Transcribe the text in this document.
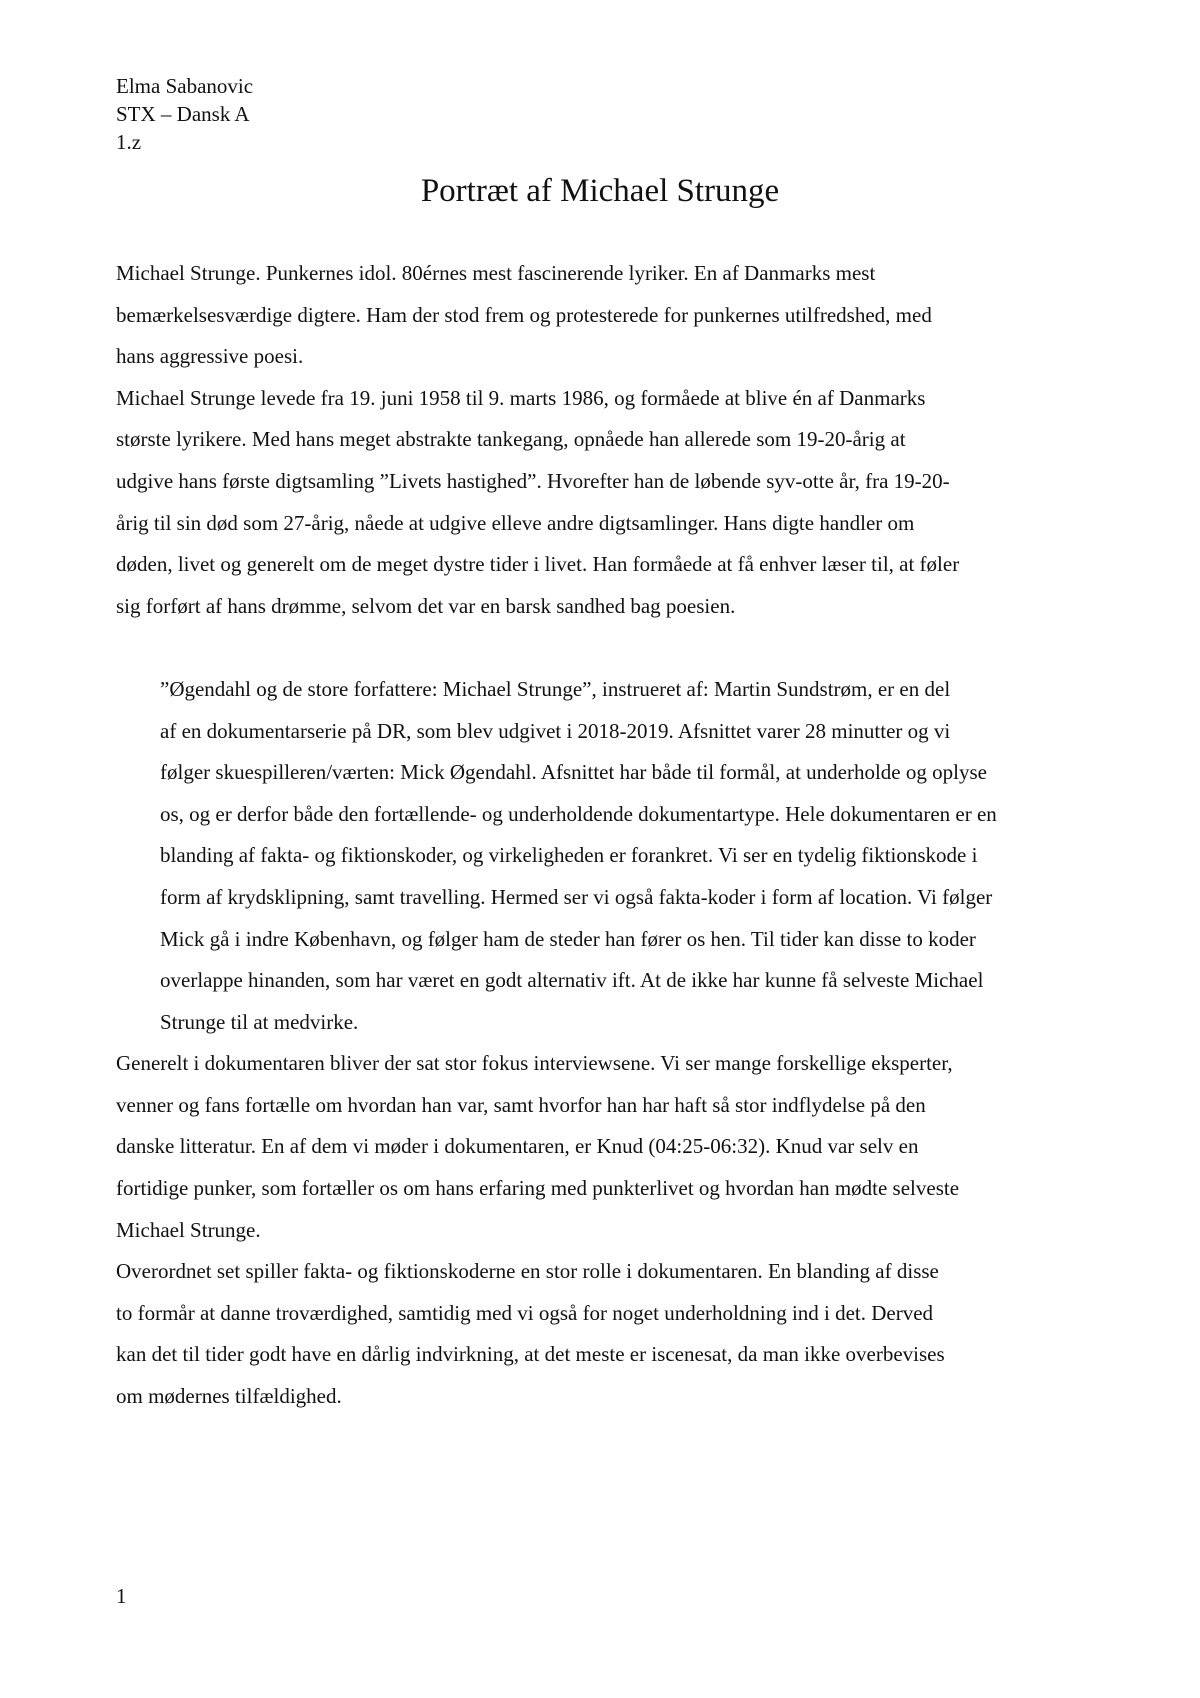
Elma Sabanovic
STX – Dansk A
1.z
Portræt af Michael Strunge

Michael Strunge. Punkernes idol. 80érnes mest fascinerende lyriker. En af Danmarks mest
bemærkelsesværdige digtere. Ham der stod frem og protesterede for punkernes utilfredshed, med
hans aggressive poesi.

Michael Strunge levede fra 19. juni 1958 til 9. marts 1986, og formåede at blive én af Danmarks
største lyrikere. Med hans meget abstrakte tankegang, opnåede han allerede som 19-20-årig at
udgive hans første digtsamling ”Livets hastighed”. Hvorefter han de løbende syv-otte år, fra 19-20-
årig til sin død som 27-årig, nåede at udgive elleve andre digtsamlinger. Hans digte handler om
døden, livet og generelt om de meget dystre tider i livet. Han formåede at få enhver læser til, at føler
sig forført af hans drømme, selvom det var en barsk sandhed bag poesien.

”Øgendahl og de store forfattere: Michael Strunge”, instrueret af: Martin Sundstrøm, er en del

af en dokumentarserie på DR, som blev udgivet i 2018-2019. Afsnittet varer 28 minutter og vi
følger skuespilleren/værten: Mick Øgendahl. Afsnittet har både til formål, at underholde og oplyse
os, og er derfor både den fortællende- og underholdende dokumentartype. Hele dokumentaren er en
blanding af fakta- og fiktionskoder, og virkeligheden er forankret. Vi ser en tydelig fiktionskode i
form af krydsklipning, samt travelling. Hermed ser vi også fakta-koder i form af location. Vi følger
Mick gå i indre København, og følger ham de steder han fører os hen. Til tider kan disse to koder
overlappe hinanden, som har været en godt alternativ ift. At de ikke har kunne få selveste Michael
Strunge til at medvirke.

Generelt i dokumentaren bliver der sat stor fokus interviewsene. Vi ser mange forskellige eksperter,
venner og fans fortælle om hvordan han var, samt hvorfor han har haft så stor indflydelse på den
danske litteratur. En af dem vi møder i dokumentaren, er Knud (04:25-06:32). Knud var selv en
fortidige punker, som fortæller os om hans erfaring med punkterlivet og hvordan han mødte selveste
Michael Strunge.

Overordnet set spiller fakta- og fiktionskoderne en stor rolle i dokumentaren. En blanding af disse
to formår at danne troværdighed, samtidig med vi også for noget underholdning ind i det. Derved
kan det til tider godt have en dårlig indvirkning, at det meste er iscenesat, da man ikke overbevises
om mødernes tilfældighed.

1
